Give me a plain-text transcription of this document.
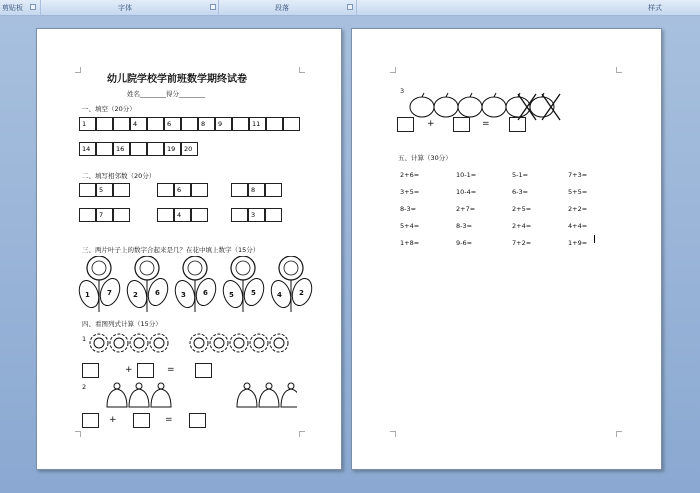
剪贴板	字体	段落	样式
幼儿院学校学前班数学期终试卷
姓名________得分________
一、填空（20分）
1	4	6	8	9	11
14	16	19	20
二、填写相邻数（20分）
5	6	8
7	4	3
三、两片叶子上的数字合起来是几？在花中填上数字（15分）
1 7	2 6	3 6	5 5	4 2
四、看图列式计算（15分）
1
+	=
2
+	=
3
+	=
五、计算（30分）
2+6=	10-1=	5-1=	7+3=
3+5=	10-4=	6-3=	5+5=
8-3=	2+7=	2+5=	2+2=
5+4=	8-3=	2+4=	4+4=
1+8=	9-6=	7+2=	1+9=
